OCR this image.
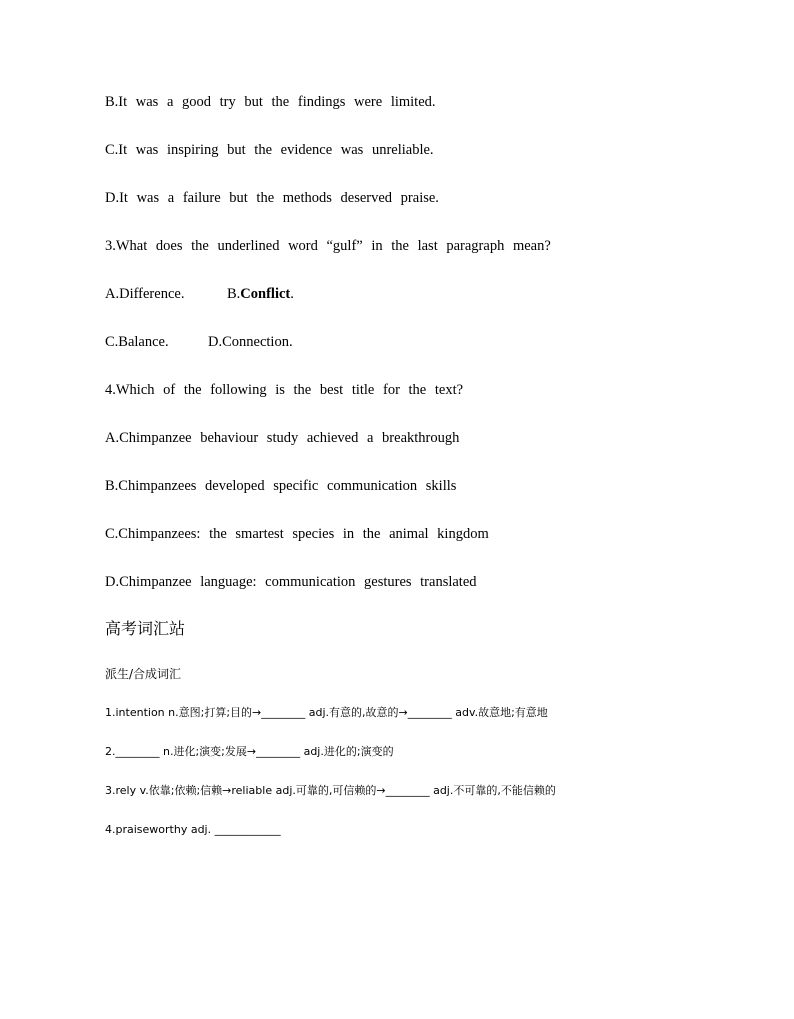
B.It was a good try but the findings were limited.
C.It was inspiring but the evidence was unreliable.
D.It was a failure but the methods deserved praise.
3.What does the underlined word “gulf” in the last paragraph mean?
A.Difference.	B.Conflict.
C.Balance.	D.Connection.
4.Which of the following is the best title for the text?
A.Chimpanzee behaviour study achieved a breakthrough
B.Chimpanzees developed specific communication skills
C.Chimpanzees: the smartest species in the animal kingdom
D.Chimpanzee language: communication gestures translated
高考词汇站
派生/合成词汇
1.intention n.意图;打算;目的→________ adj.有意的,故意的→________ adv.故意地;有意地
2.________ n.进化;演变;发展→________ adj.进化的;演变的
3.rely v.依靠;依赖;信赖→reliable adj.可靠的,可信赖的→________ adj.不可靠的,不能信赖的
4.praiseworthy adj. ____________
